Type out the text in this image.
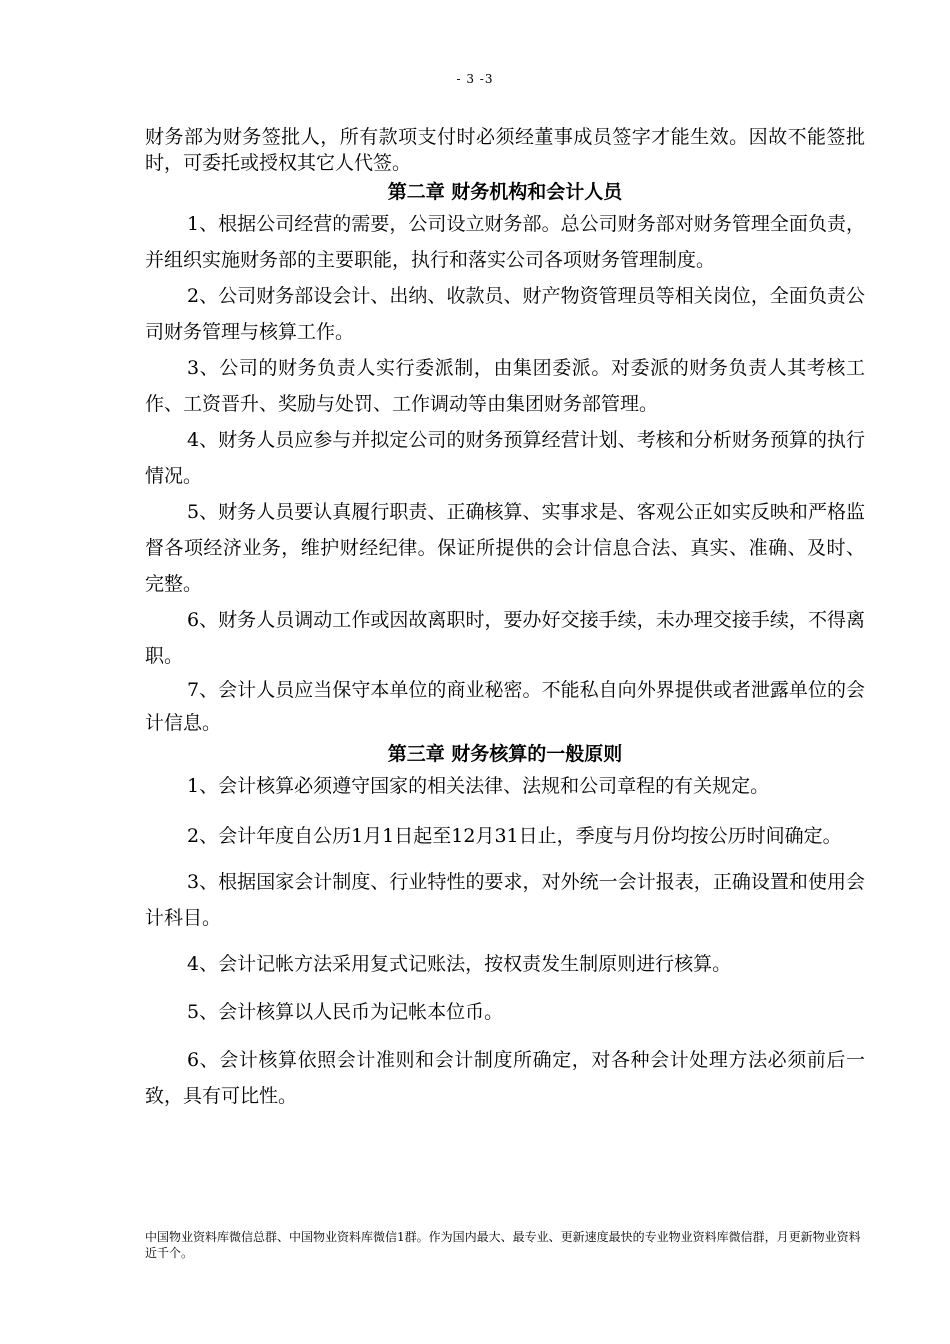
- 3 -3

财务部为财务签批人，所有款项支付时必须经董事成员签字才能生效。因故不能签批时，可委托或授权其它人代签。

第二章 财务机构和会计人员

1、根据公司经营的需要，公司设立财务部。总公司财务部对财务管理全面负责，并组织实施财务部的主要职能，执行和落实公司各项财务管理制度。

2、公司财务部设会计、出纳、收款员、财产物资管理员等相关岗位，全面负责公司财务管理与核算工作。

3、公司的财务负责人实行委派制，由集团委派。对委派的财务负责人其考核工作、工资晋升、奖励与处罚、工作调动等由集团财务部管理。

4、财务人员应参与并拟定公司的财务预算经营计划、考核和分析财务预算的执行情况。

5、财务人员要认真履行职责、正确核算、实事求是、客观公正如实反映和严格监督各项经济业务，维护财经纪律。保证所提供的会计信息合法、真实、准确、及时、完整。

6、财务人员调动工作或因故离职时，要办好交接手续，未办理交接手续，不得离职。

7、会计人员应当保守本单位的商业秘密。不能私自向外界提供或者泄露单位的会计信息。

第三章 财务核算的一般原则

1、会计核算必须遵守国家的相关法律、法规和公司章程的有关规定。

2、会计年度自公历1月1日起至12月31日止，季度与月份均按公历时间确定。

3、根据国家会计制度、行业特性的要求，对外统一会计报表，正确设置和使用会计科目。

4、会计记帐方法采用复式记账法，按权责发生制原则进行核算。

5、会计核算以人民币为记帐本位币。

6、会计核算依照会计准则和会计制度所确定，对各种会计处理方法必须前后一致，具有可比性。

中国物业资料库微信总群、中国物业资料库微信1群。作为国内最大、最专业、更新速度最快的专业物业资料库微信群，月更新物业资料近千个。
